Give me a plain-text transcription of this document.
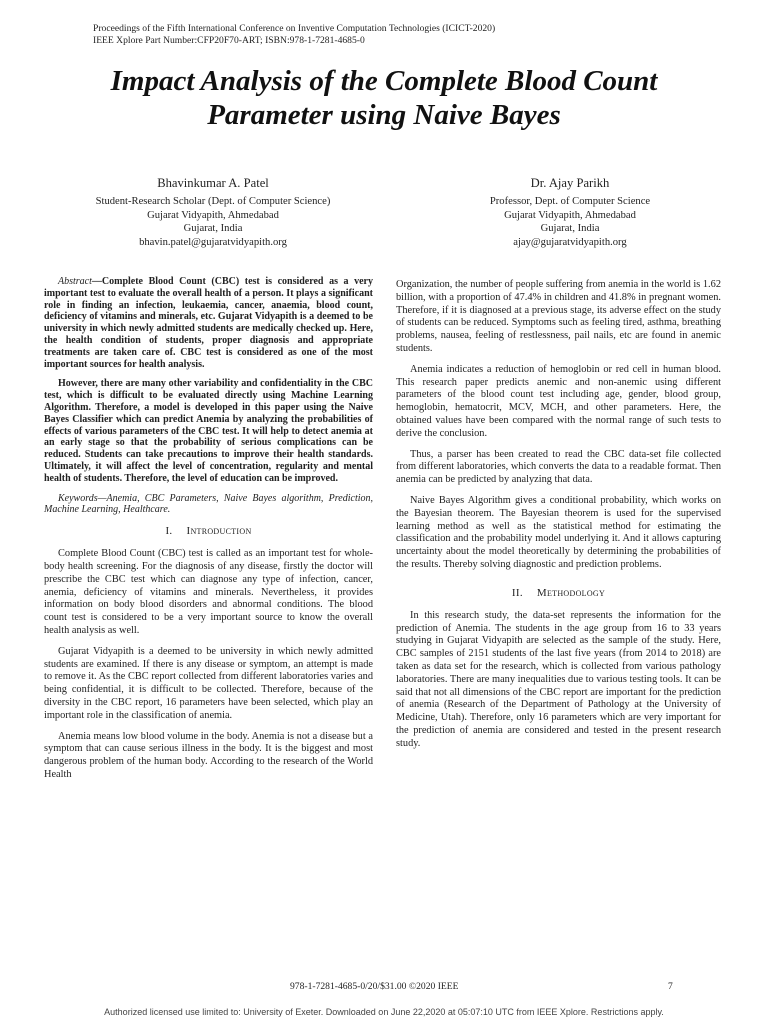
Proceedings of the Fifth International Conference on Inventive Computation Technologies (ICICT-2020)
IEEE Xplore Part Number:CFP20F70-ART; ISBN:978-1-7281-4685-0
Impact Analysis of the Complete Blood Count
Parameter using Naive Bayes
Bhavinkumar A. Patel
Student-Research Scholar (Dept. of Computer Science)
Gujarat Vidyapith, Ahmedabad
Gujarat, India
bhavin.patel@gujaratvidyapith.org
Dr. Ajay Parikh
Professor, Dept. of Computer Science
Gujarat Vidyapith, Ahmedabad
Gujarat, India
ajay@gujaratvidyapith.org

Abstract—Complete Blood Count (CBC) test is considered as a very important test to evaluate the overall health of a person. It plays a significant role in finding an infection, leukaemia, cancer, anaemia, blood count, deficiency of vitamins and minerals, etc. Gujarat Vidyapith is a deemed to be university in which newly admitted students are medically checked up. Here, the health condition of students, proper diagnosis and appropriate treatments are taken care of. CBC test is considered as one of the most important sources for health analysis.

However, there are many other variability and confidentiality in the CBC test, which is difficult to be evaluated directly using Machine Learning Algorithm. Therefore, a model is developed in this paper using the Naive Bayes Classifier which can predict Anemia by analyzing the probabilities of effects of various parameters of the CBC test. It will help to detect anemia at an early stage so that the probability of serious complications can be reduced. Students can take precautions to improve their health standards. Ultimately, it will affect the level of concentration, regularity and mental health of students. Therefore, the level of education can be improved.

Keywords—Anemia, CBC Parameters, Naive Bayes algorithm, Prediction, Machine Learning, Healthcare.

I. Introduction

Complete Blood Count (CBC) test is called as an important test for whole-body health screening. For the diagnosis of any disease, firstly the doctor will prescribe the CBC test which can diagnose any type of infection, cancer, anemia, deficiency of vitamins and minerals. Nevertheless, it provides information on body blood disorders and abnormal conditions. The blood count test is considered to be a very important source to know the overall health analysis as well.

Gujarat Vidyapith is a deemed to be university in which newly admitted students are examined. If there is any disease or symptom, an attempt is made to remove it. As the CBC report collected from different laboratories varies and being confidential, it is difficult to be collected. Therefore, because of the diversity in the CBC report, 16 parameters have been selected, which play an important role in the classification of anemia.

Anemia means low blood volume in the body. Anemia is not a disease but a symptom that can cause serious illness in the body. It is the biggest and most dangerous problem of the human body. According to the research of the World Health

Organization, the number of people suffering from anemia in the world is 1.62 billion, with a proportion of 47.4% in children and 41.8% in pregnant women. Therefore, if it is diagnosed at a previous stage, its adverse effect on the study of students can be reduced. Symptoms such as feeling tired, asthma, breathing problems, nausea, feeling of restlessness, pail nails, etc are found in anemic students.

Anemia indicates a reduction of hemoglobin or red cell in human blood. This research paper predicts anemic and non-anemic using different parameters of the blood count test including age, gender, blood group, hemoglobin, hematocrit, MCV, MCH, and other parameters. Here, the obtained values have been compared with the normal range of such tests to derive the conclusion.

Thus, a parser has been created to read the CBC data-set file collected from different laboratories, which converts the data to a readable format. Then anemia can be predicted by analyzing that data.

Naive Bayes Algorithm gives a conditional probability, which works on the Bayesian theorem. The Bayesian theorem is used for the supervised learning method as well as the statistical method for estimating the classification and the probability model underlying it. And it allows capturing uncertainty about the model theoretically by determining the probabilities of the results. Thereby solving diagnostic and prediction problems.

II. Methodology

In this research study, the data-set represents the information for the prediction of Anemia. The students in the age group from 16 to 33 years studying in Gujarat Vidyapith are selected as the sample of the study. Here, CBC samples of 2151 students of the last five years (from 2014 to 2018) are taken as data set for the research, which is collected from various pathology laboratories. There are many inequalities due to various testing tools. It can be said that not all dimensions of the CBC report are important for the prediction of anemia (Research of the Department of Pathology at the University of Medicine, Utah). Therefore, only 16 parameters which are very important for the prediction of anemia are considered and tested in the present research study.

978-1-7281-4685-0/20/$31.00 ©2020 IEEE	7
Authorized licensed use limited to: University of Exeter. Downloaded on June 22,2020 at 05:07:10 UTC from IEEE Xplore. Restrictions apply.
